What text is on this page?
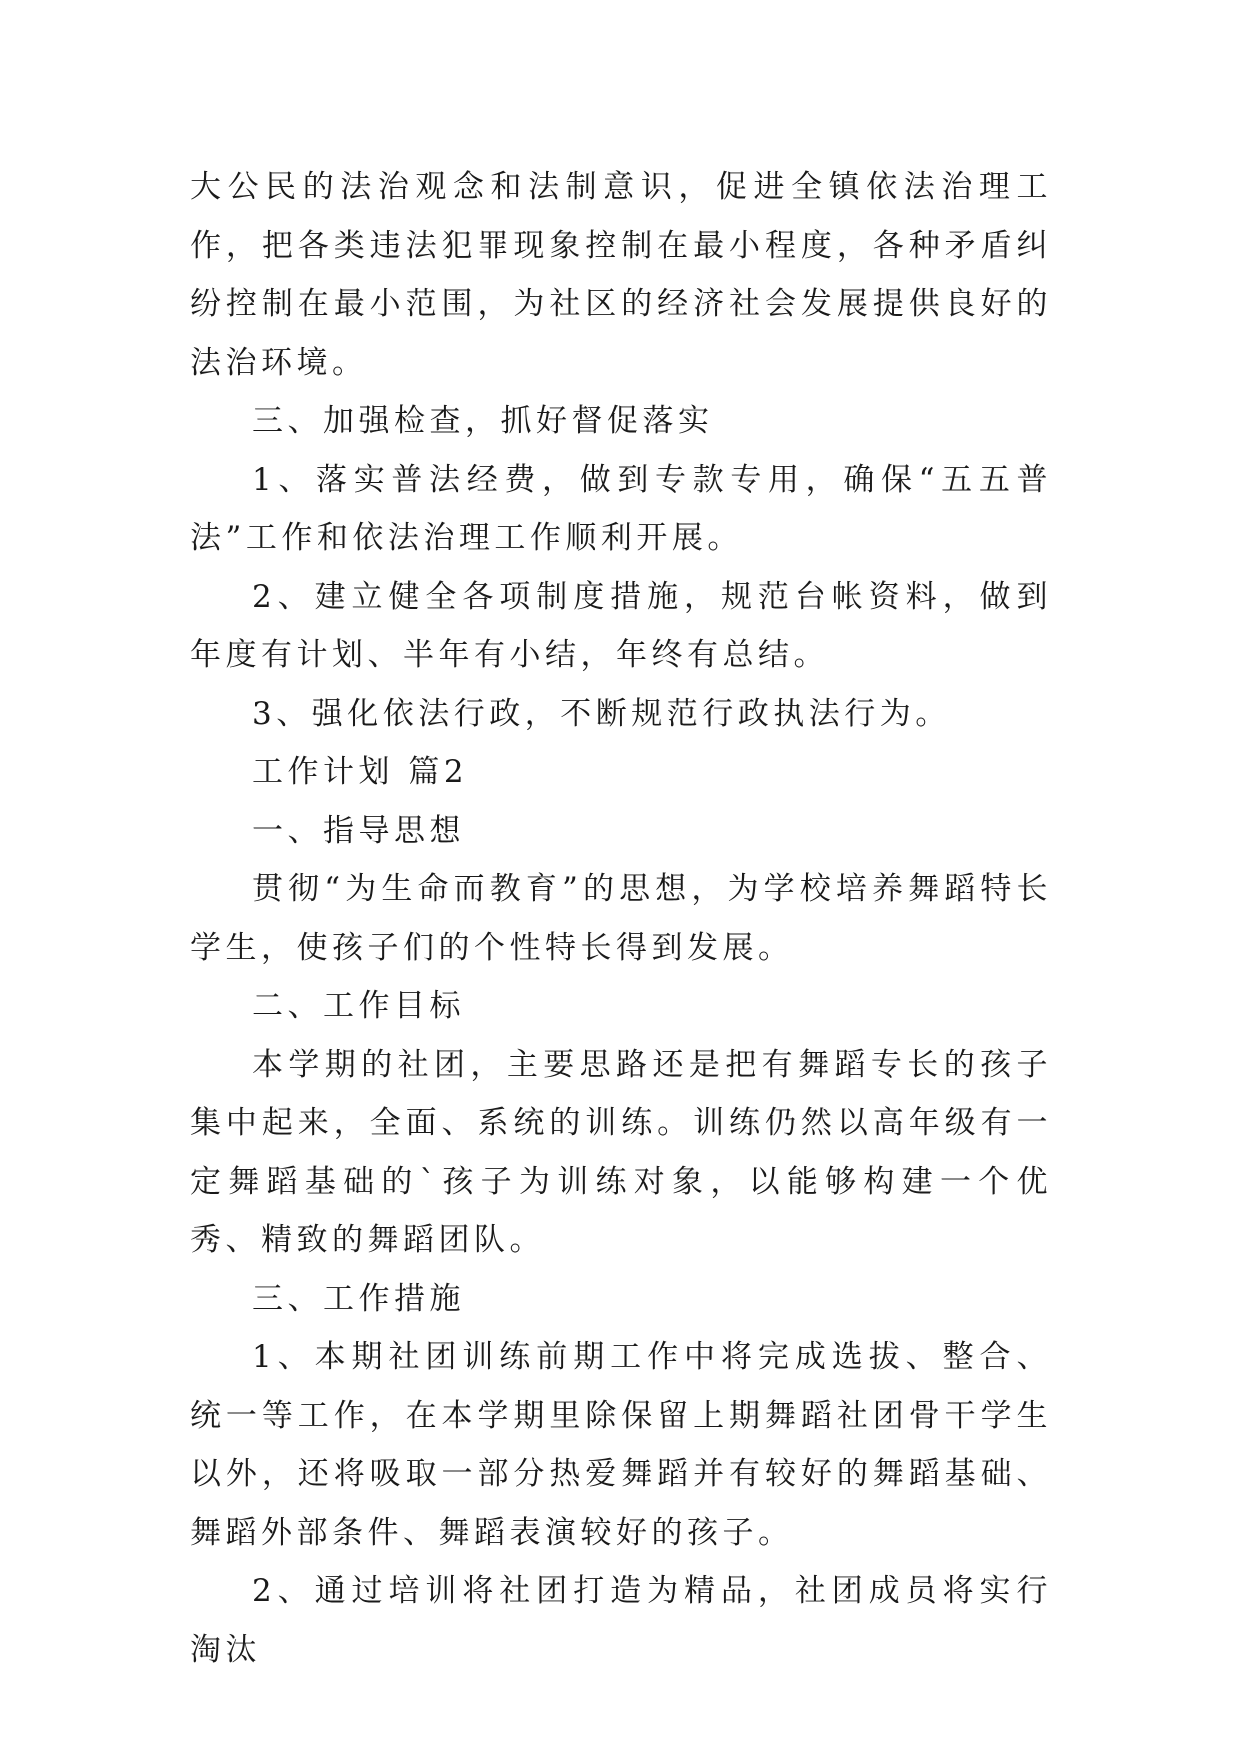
大公民的法治观念和法制意识，促进全镇依法治理工作，把各类违法犯罪现象控制在最小程度，各种矛盾纠纷控制在最小范围，为社区的经济社会发展提供良好的法治环境。

三、加强检查，抓好督促落实

1、落实普法经费，做到专款专用，确保“五五普法”工作和依法治理工作顺利开展。

2、建立健全各项制度措施，规范台帐资料，做到年度有计划、半年有小结，年终有总结。

3、强化依法行政，不断规范行政执法行为。

工作计划 篇2

一、指导思想

贯彻“为生命而教育”的思想，为学校培养舞蹈特长学生，使孩子们的个性特长得到发展。

二、工作目标

本学期的社团，主要思路还是把有舞蹈专长的孩子集中起来，全面、系统的训练。训练仍然以高年级有一定舞蹈基础的`孩子为训练对象，以能够构建一个优秀、精致的舞蹈团队。

三、工作措施

1、本期社团训练前期工作中将完成选拔、整合、统一等工作，在本学期里除保留上期舞蹈社团骨干学生以外，还将吸取一部分热爱舞蹈并有较好的舞蹈基础、舞蹈外部条件、舞蹈表演较好的孩子。

2、通过培训将社团打造为精品，社团成员将实行淘汰
